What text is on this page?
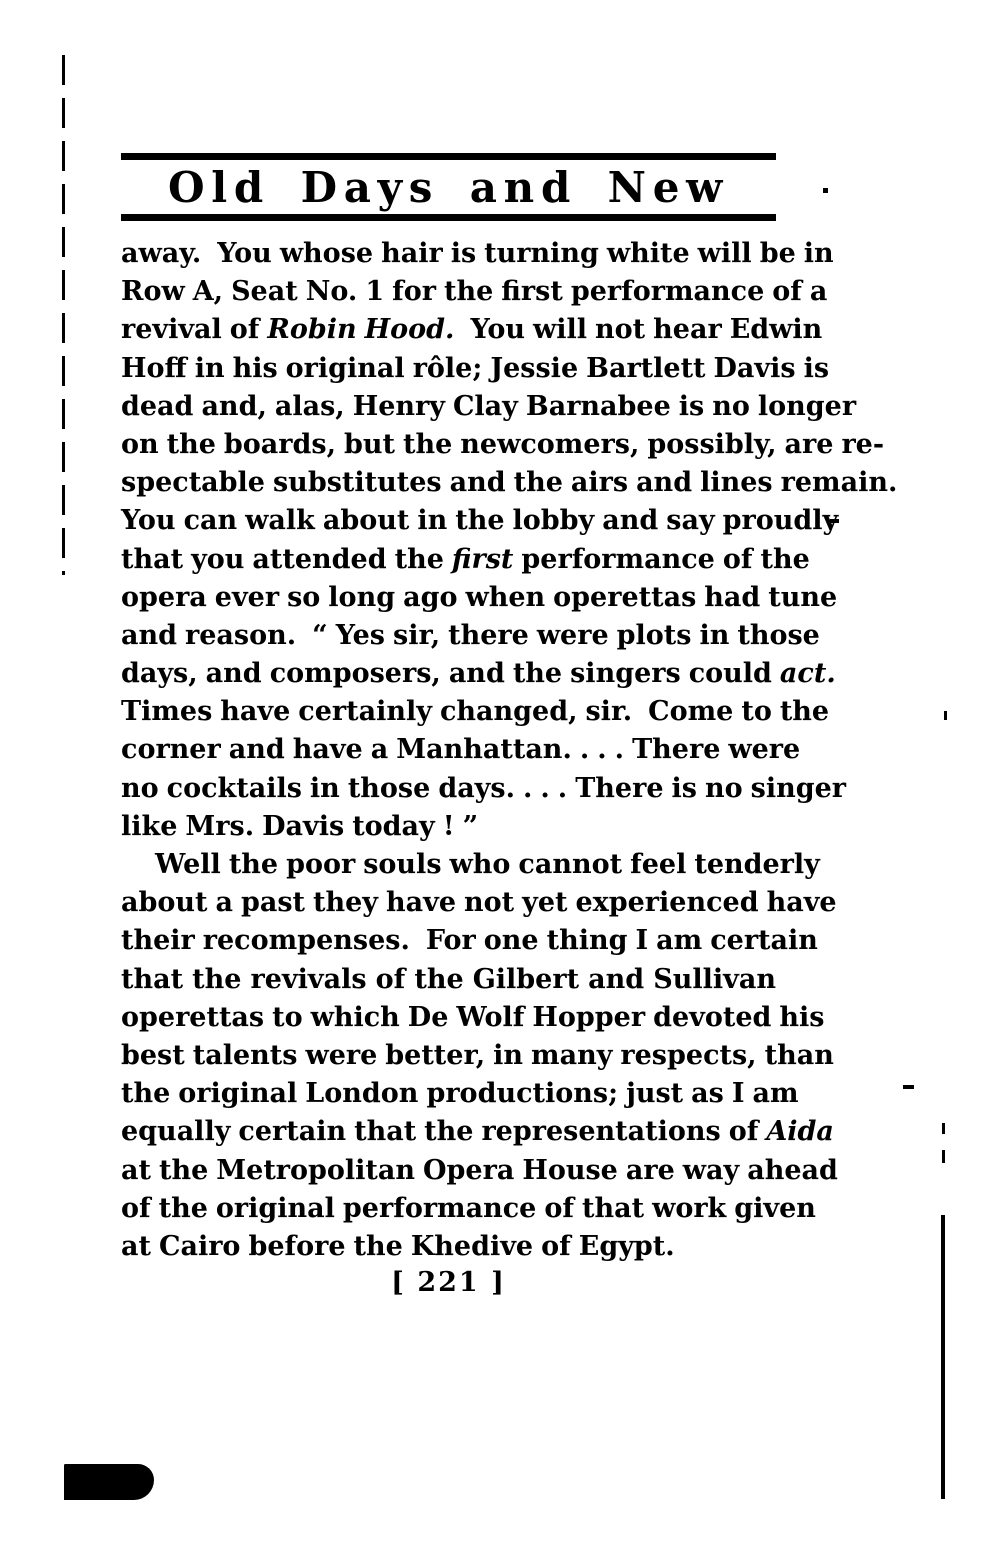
Old Days and New
away. You whose hair is turning white will be in
Row A, Seat No. 1 for the first performance of a
revival of Robin Hood. You will not hear Edwin
Hoff in his original rôle; Jessie Bartlett Davis is
dead and, alas, Henry Clay Barnabee is no longer
on the boards, but the newcomers, possibly, are re-
spectable substitutes and the airs and lines remain.
You can walk about in the lobby and say proudly
that you attended the first performance of the
opera ever so long ago when operettas had tune
and reason. “ Yes sir, there were plots in those
days, and composers, and the singers could act.
Times have certainly changed, sir. Come to the
corner and have a Manhattan. . . . There were
no cocktails in those days. . . . There is no singer
like Mrs. Davis today ! ”
Well the poor souls who cannot feel tenderly
about a past they have not yet experienced have
their recompenses. For one thing I am certain
that the revivals of the Gilbert and Sullivan
operettas to which De Wolf Hopper devoted his
best talents were better, in many respects, than
the original London productions; just as I am
equally certain that the representations of Aida
at the Metropolitan Opera House are way ahead
of the original performance of that work given
at Cairo before the Khedive of Egypt.
[ 221 ]
